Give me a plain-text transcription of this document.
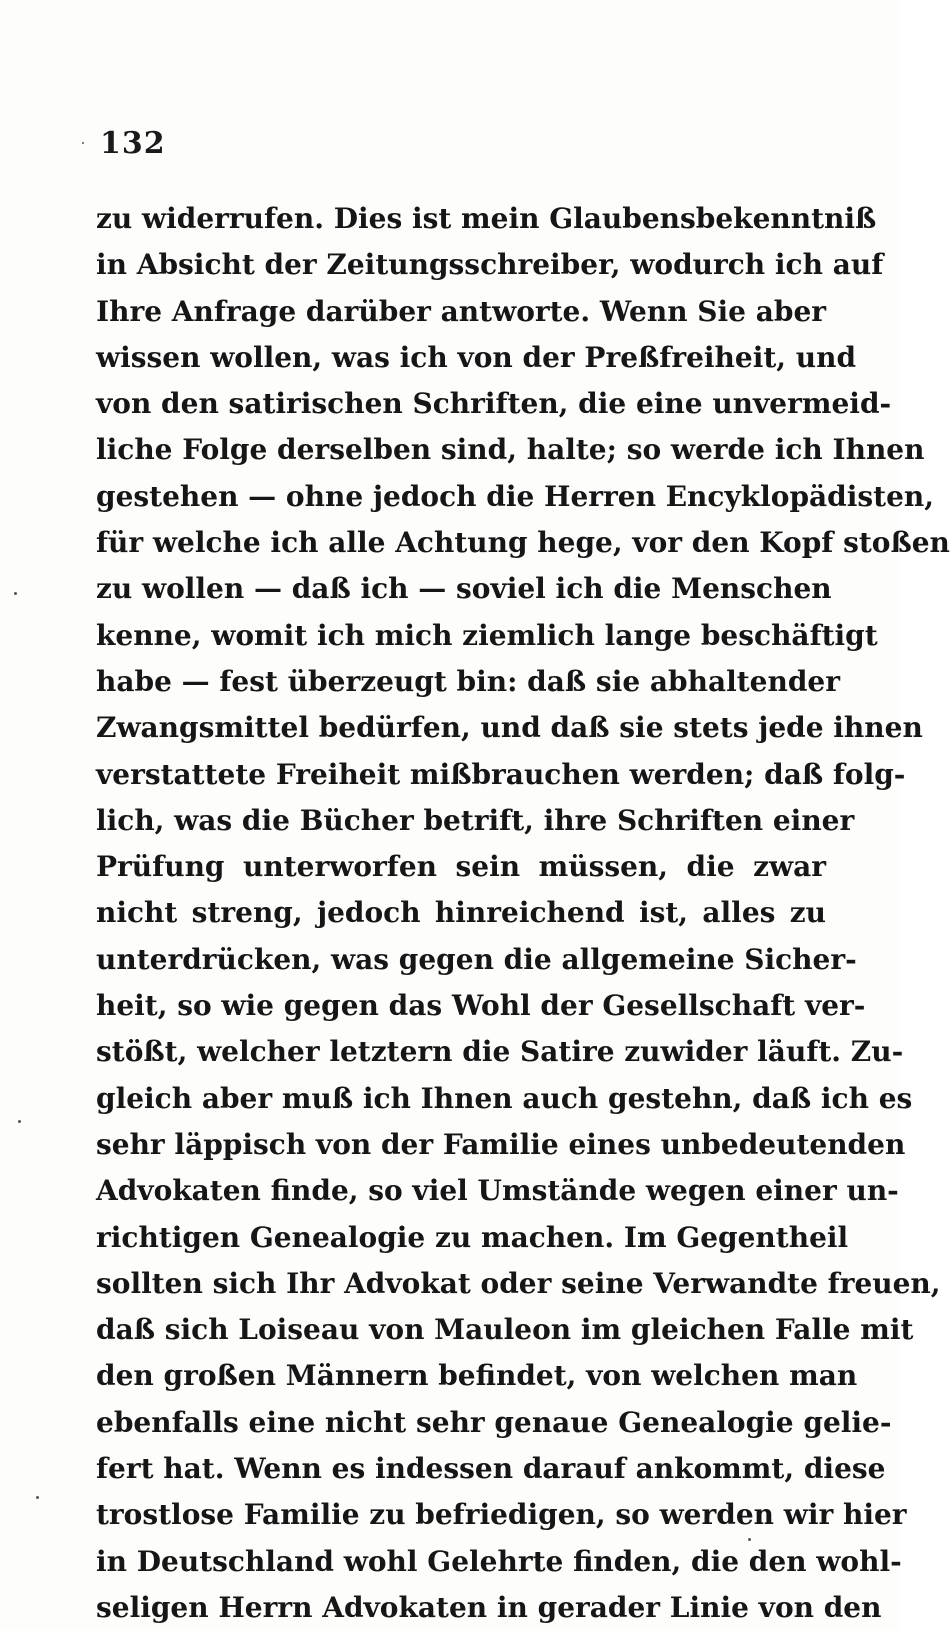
132
zu widerrufen. Dies ist mein Glaubensbekenntniß
in Absicht der Zeitungsschreiber, wodurch ich auf
Ihre Anfrage darüber antworte. Wenn Sie aber
wissen wollen, was ich von der Preßfreiheit, und
von den satirischen Schriften, die eine unvermeid-
liche Folge derselben sind, halte; so werde ich Ihnen
gestehen — ohne jedoch die Herren Encyklopädisten,
für welche ich alle Achtung hege, vor den Kopf stoßen
zu wollen — daß ich — soviel ich die Menschen
kenne, womit ich mich ziemlich lange beschäftigt
habe — fest überzeugt bin: daß sie abhaltender
Zwangsmittel bedürfen, und daß sie stets jede ihnen
verstattete Freiheit mißbrauchen werden; daß folg-
lich, was die Bücher betrift, ihre Schriften einer
Prüfung unterworfen sein müssen, die zwar
nicht streng, jedoch hinreichend ist, alles zu
unterdrücken, was gegen die allgemeine Sicher-
heit, so wie gegen das Wohl der Gesellschaft ver-
stößt, welcher letztern die Satire zuwider läuft. Zu-
gleich aber muß ich Ihnen auch gestehn, daß ich es
sehr läppisch von der Familie eines unbedeutenden
Advokaten finde, so viel Umstände wegen einer un-
richtigen Genealogie zu machen. Im Gegentheil
sollten sich Ihr Advokat oder seine Verwandte freuen,
daß sich Loiseau von Mauleon im gleichen Falle mit
den großen Männern befindet, von welchen man
ebenfalls eine nicht sehr genaue Genealogie gelie-
fert hat. Wenn es indessen darauf ankommt, diese
trostlose Familie zu befriedigen, so werden wir hier
in Deutschland wohl Gelehrte finden, die den wohl-
seligen Herrn Advokaten in gerader Linie von den
